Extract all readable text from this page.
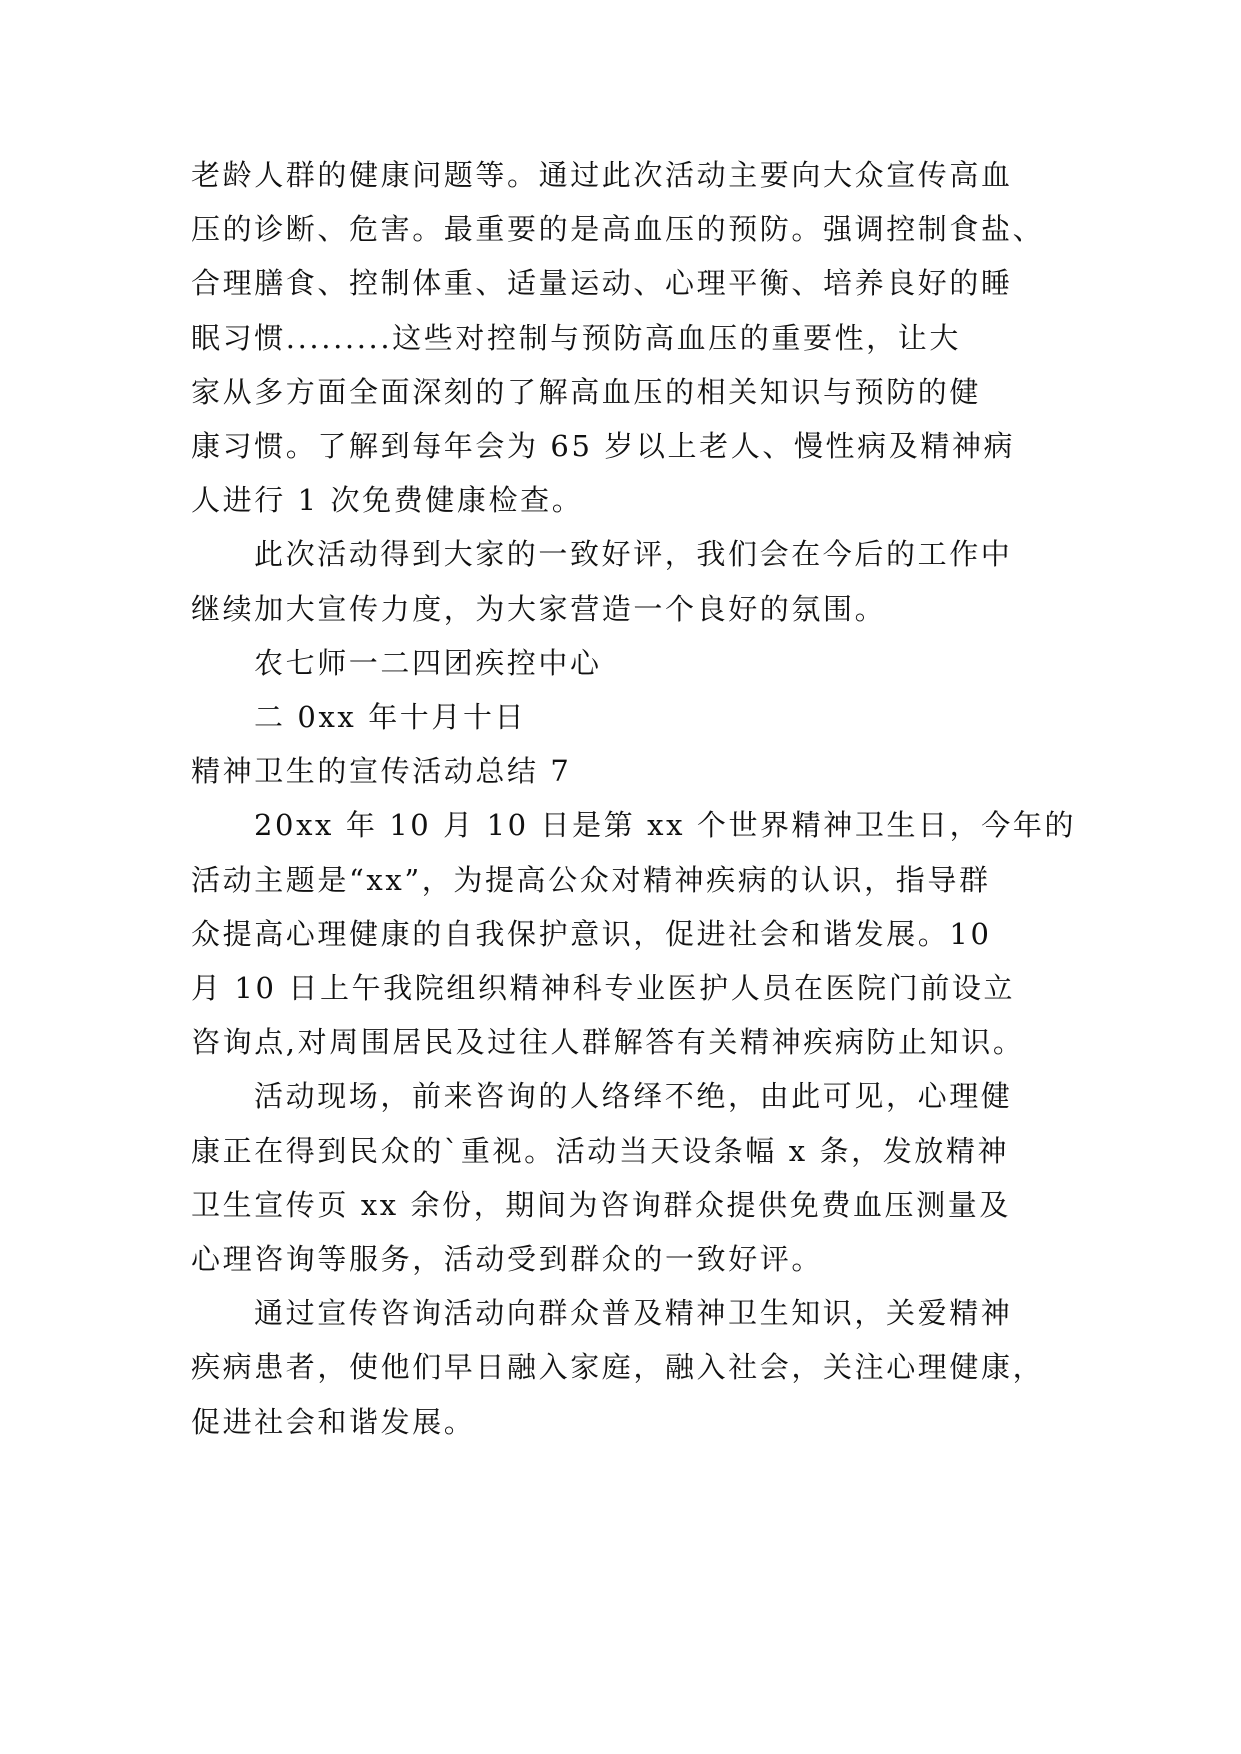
老龄人群的健康问题等。通过此次活动主要向大众宣传高血
压的诊断、危害。最重要的是高血压的预防。强调控制食盐、
合理膳食、控制体重、适量运动、心理平衡、培养良好的睡
眠习惯.........这些对控制与预防高血压的重要性，让大
家从多方面全面深刻的了解高血压的相关知识与预防的健
康习惯。了解到每年会为 65 岁以上老人、慢性病及精神病
人进行 1 次免费健康检查。
此次活动得到大家的一致好评，我们会在今后的工作中
继续加大宣传力度，为大家营造一个良好的氛围。

农七师一二四团疾控中心

二 0xx 年十月十日

精神卫生的宣传活动总结 7

20xx 年 10 月 10 日是第 xx 个世界精神卫生日，今年的
活动主题是“xx”，为提高公众对精神疾病的认识，指导群
众提高心理健康的自我保护意识，促进社会和谐发展。10
月 10 日上午我院组织精神科专业医护人员在医院门前设立
咨询点,对周围居民及过往人群解答有关精神疾病防止知识。
活动现场，前来咨询的人络绎不绝，由此可见，心理健
康正在得到民众的`重视。活动当天设条幅 x 条，发放精神
卫生宣传页 xx 余份，期间为咨询群众提供免费血压测量及
心理咨询等服务，活动受到群众的一致好评。
通过宣传咨询活动向群众普及精神卫生知识，关爱精神
疾病患者，使他们早日融入家庭，融入社会，关注心理健康，
促进社会和谐发展。
